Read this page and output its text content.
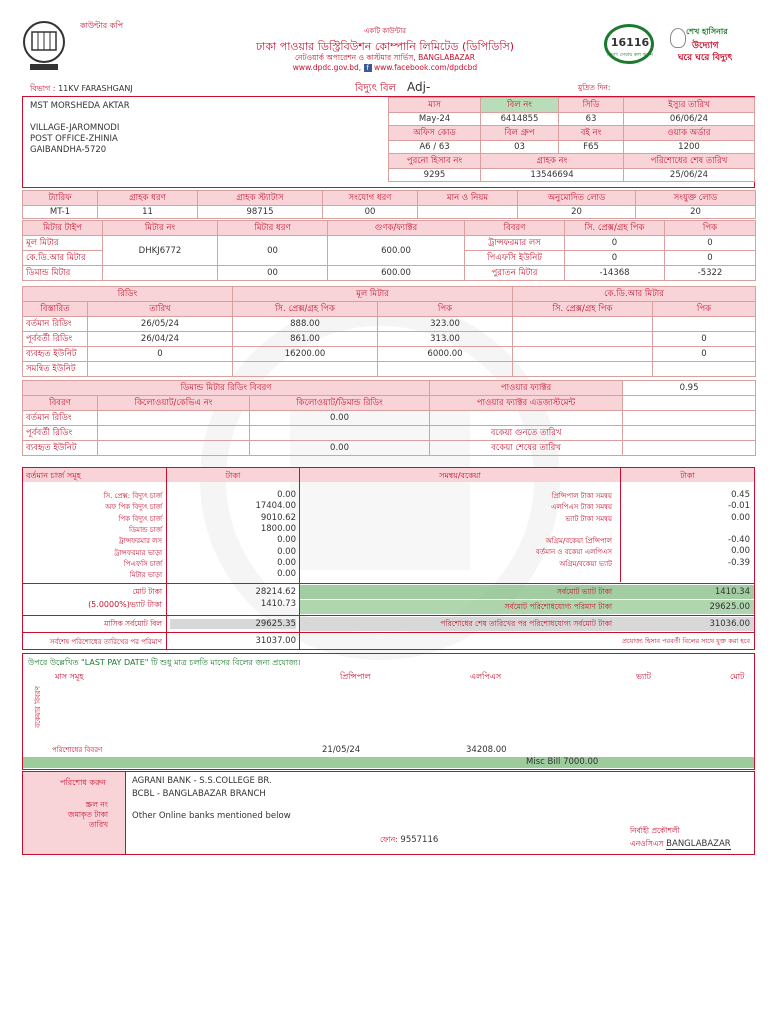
কাউন্টার কপি
একটি কাউন্টার
ঢাকা পাওয়ার ডিস্ট্রিবিউশন কোম্পানি লিমিটেড (ডিপিডিসি)
নেটওয়ার্ক অপারেশন ও কাস্টমার সার্ভিস, BANGLABAZAR
www.dpdc.gov.bd, f www.facebook.com/dpdcbd
16116
বিদ্যুৎ সেবায় কল করুন
শেখ হাসিনার
উদ্যোগ
ঘরে ঘরে বিদ্যুৎ
বিভাগ : 11KV FARASHGANJ	বিদ্যুৎ বিল Adj-	মুদ্রিত দিন:
MST MORSHEDA AKTAR
VILLAGE-JAROMNODI
POST OFFICE-ZHINIA
GAIBANDHA-5720
মাস	বিল নং	সিডি	ইস্যুর তারিখ
May-24	6414855	63	06/06/24
অফিস কোড	বিল গ্রুপ	বই নং	ওয়াক অর্ডার
A6 / 63	03	F65	1200
পুরনো হিসাব নং	গ্রাহক নং		পরিশোধের শেষ তারিখ
9295	13546694		25/06/24
ট্যারিফ	গ্রাহক ধরণ	গ্রাহক স্ট্যাটাস	সংযোগ ধরণ	মান ও নিয়ম	অনুমোদিত লোড	সংযুক্ত লোড
MT-1	11	98715	00		20	20
মিটার টাইপ	মিটার নং	মিটার ধরণ	গুণক/ফ্যাক্টর	বিবরণ	সি. প্রেক্স/গ্রহ পিক	পিক
মূল মিটার	DHKJ6772	00	600.00	ট্রান্সফরমার লস	0	0
কে.ডি.আর মিটার				পিএফসি ইউনিট	0	0
ডিমান্ড মিটার		00	600.00	পুরাতন মিটার	-14368	-5322
রিডিং		মূল মিটার		কে.ডি.আর মিটার	
বিস্তারিত	তারিখ	সি. প্রেক্স/গ্রহ পিক	পিক	সি. প্রেক্স/গ্রহ পিক	পিক
বর্তমান রিডিং	26/05/24	888.00	323.00		
পূর্ববর্তী রিডিং	26/04/24	861.00	313.00		0
ব্যবহৃত ইউনিট	0	16200.00	6000.00		0
সমন্বিত ইউনিট					
ডিমান্ড মিটার রিডিং বিবরণ			পাওয়ার ফ্যাক্টর	0.95
বিবরণ	কিলোওয়াট/কেভিএ নং	কিলোওয়াট/ডিমান্ড রিডিং	পাওয়ার ফ্যাক্টর এডজাস্টমেন্ট	
বর্তমান রিডিং		0.00		
পূর্ববর্তী রিডিং			বকেয়া গুনতে তারিখ	
ব্যবহৃত ইউনিট		0.00	বকেয়া শেষের তারিখ	
বর্তমান চার্জ সমূহ	টাকা	সমন্বয়/বকেয়া	টাকা
সি. প্রেক্স: বিদ্যুৎ চার্জ	0.00
অফ পিক বিদ্যুৎ চার্জ	17404.00
পিক বিদ্যুৎ চার্জ	9010.62
ডিমান্ড চার্জ	1800.00
ট্রান্সফরমার লস	0.00
ট্রান্সফরমার ভাড়া	0.00
পিএফসি চার্জ	0.00
মিটার ভাড়া	0.00
প্রিন্সিপাল টাকা সমন্বয়	0.45
এলপিএস টাকা সমন্বয়	-0.01
ভ্যাট টাকা সমন্বয়	0.00
অগ্রিম/বকেয়া প্রিন্সিপাল	-0.40
বর্তমান ও বকেয়া এলপিএস	0.00
অগ্রিম/বকেয়া ভ্যাট	-0.39
মোট টাকা	28214.62
(5.0000%)ভ্যাট টাকা	1410.73
সর্বমোট ভ্যাট টাকা	1410.34
সর্বমোট পরিশোধযোগ্য পরিমাণ টাকা	29625.00
মাসিক সর্বমোট বিল	29625.35	পরিশোধের শেষ তারিখের পর পরিশোধযোগ্য সর্বমোট টাকা	31036.00
সর্বশেষ পরিশোধের তারিখের পর পরিমাণ	31037.00	প্রযোজ্য হিসাব পরবর্তী বিলের সাথে যুক্ত করা হবে
উপরে উল্লেখিত "LAST PAY DATE" টি শুধু মাত্র চলতি মাসের বিলের জন্য প্রযোজ্য।
মাস সমূহ	প্রিন্সিপাল	এলপিএস	ভ্যাট	মোট
বকেয়ার বিবরণ
পরিশোধের বিবরণ	21/05/24	34208.00
Misc Bill 7000.00
পরিশোধ করুন
স্ক্রল নং
জমাকৃত টাকা
তারিখ
AGRANI BANK - S.S.COLLEGE BR.
BCBL - BANGLABAZAR BRANCH
Other Online banks mentioned below
ফোন: 9557116
নির্বাহী প্রকৌশলী
এনওসিএস BANGLABAZAR
